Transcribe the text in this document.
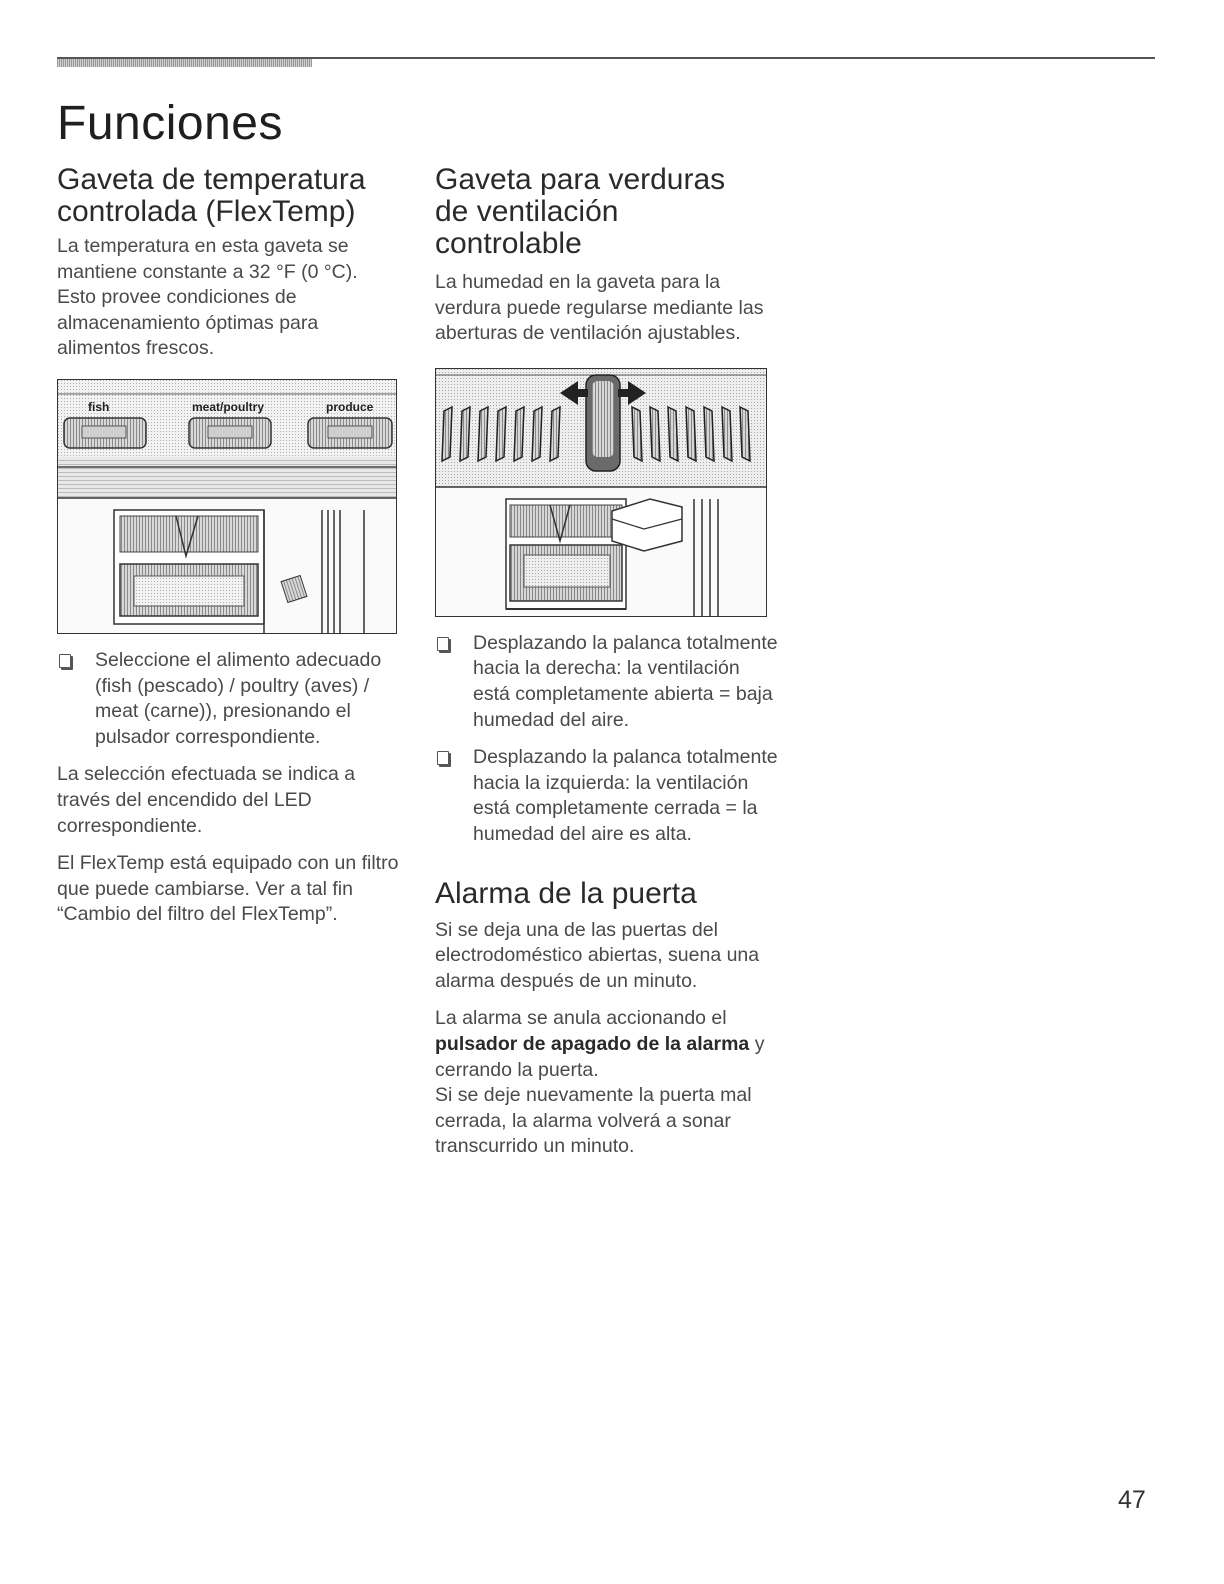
Funciones
Gaveta de temperatura
controlada (FlexTemp)

La temperatura en esta gaveta se mantiene constante a 32 °F (0 °C). Esto provee condiciones de almacenamiento óptimas para alimentos frescos.

fish	meat/poultry	produce
Seleccione el alimento adecuado (fish (pescado) / poultry (aves) / meat (carne)), presionando el pulsador correspondiente.

La selección efectuada se indica a través del encendido del LED correspondiente.

El FlexTemp está equipado con un filtro que puede cambiarse. Ver a tal fin “Cambio del filtro del FlexTemp”.

Gaveta para verduras
de ventilación
controlable

La humedad en la gaveta para la verdura puede regularse mediante las aberturas de ventilación ajustables.

Desplazando la palanca totalmente hacia la derecha: la ventilación está completamente abierta = baja humedad del aire.
Desplazando la palanca totalmente hacia la izquierda: la ventilación está completamente cerrada = la humedad del aire es alta.
Alarma de la puerta

Si se deja una de las puertas del electrodoméstico abiertas, suena una alarma después de un minuto.

La alarma se anula accionando el pulsador de apagado de la alarma y cerrando la puerta.

Si se deje nuevamente la puerta mal cerrada, la alarma volverá a sonar transcurrido un minuto.

47
